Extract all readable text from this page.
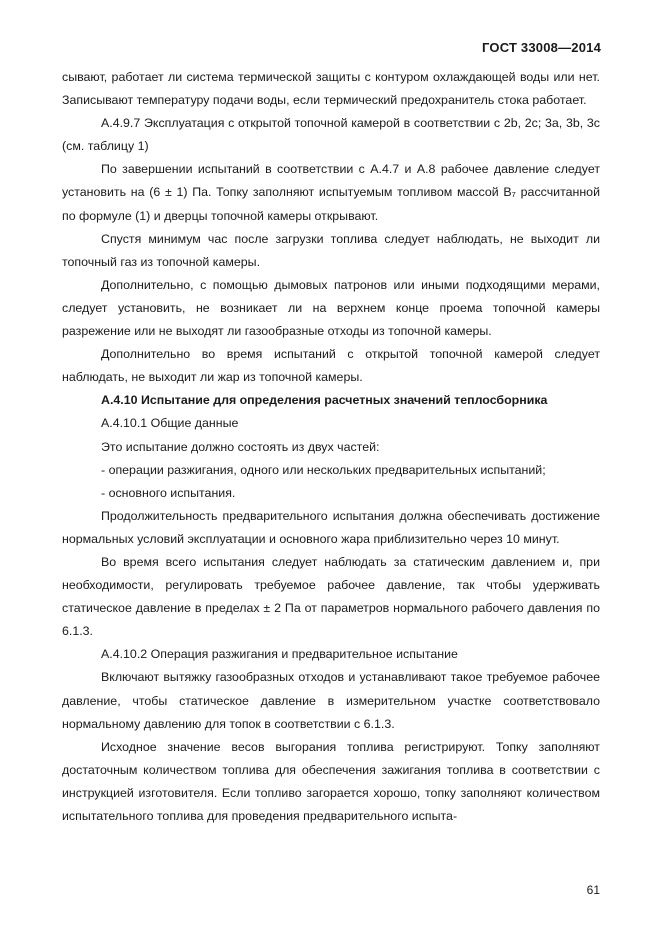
ГОСТ 33008—2014

сывают, работает ли система термической защиты с контуром охлаждающей воды или нет. Записывают температуру подачи воды, если термический предохранитель стока работает.

А.4.9.7 Эксплуатация с открытой топочной камерой в соответствии с 2b, 2c; 3a, 3b, 3c (см. таблицу 1)

По завершении испытаний в соответствии с А.4.7 и А.8 рабочее давление следует установить на (6 ± 1) Па. Топку заполняют испытуемым топливом массой B₇ рассчитанной по формуле (1) и дверцы топочной камеры открывают.

Спустя минимум час после загрузки топлива следует наблюдать, не выходит ли топочный газ из топочной камеры.

Дополнительно, с помощью дымовых патронов или иными подходящими мерами, следует установить, не возникает ли на верхнем конце проема топочной камеры разрежение или не выходят ли газообразные отходы из топочной камеры.

Дополнительно во время испытаний с открытой топочной камерой следует наблюдать, не выходит ли жар из топочной камеры.

А.4.10 Испытание для определения расчетных значений теплосборника

А.4.10.1 Общие данные

Это испытание должно состоять из двух частей:

- операции разжигания, одного или нескольких предварительных испытаний;

- основного испытания.

Продолжительность предварительного испытания должна обеспечивать достижение нормальных условий эксплуатации и основного жара приблизительно через 10 минут.

Во время всего испытания следует наблюдать за статическим давлением и, при необходимости, регулировать требуемое рабочее давление, так чтобы удерживать статическое давление в пределах ± 2 Па от параметров нормального рабочего давления по 6.1.3.

А.4.10.2 Операция разжигания и предварительное испытание

Включают вытяжку газообразных отходов и устанавливают такое требуемое рабочее давление, чтобы статическое давление в измерительном участке соответствовало нормальному давлению для топок в соответствии с 6.1.3.

Исходное значение весов выгорания топлива регистрируют. Топку заполняют достаточным количеством топлива для обеспечения зажигания топлива в соответствии с инструкцией изготовителя. Если топливо загорается хорошо, топку заполняют количеством испытательного топлива для проведения предварительного испыта-

61
